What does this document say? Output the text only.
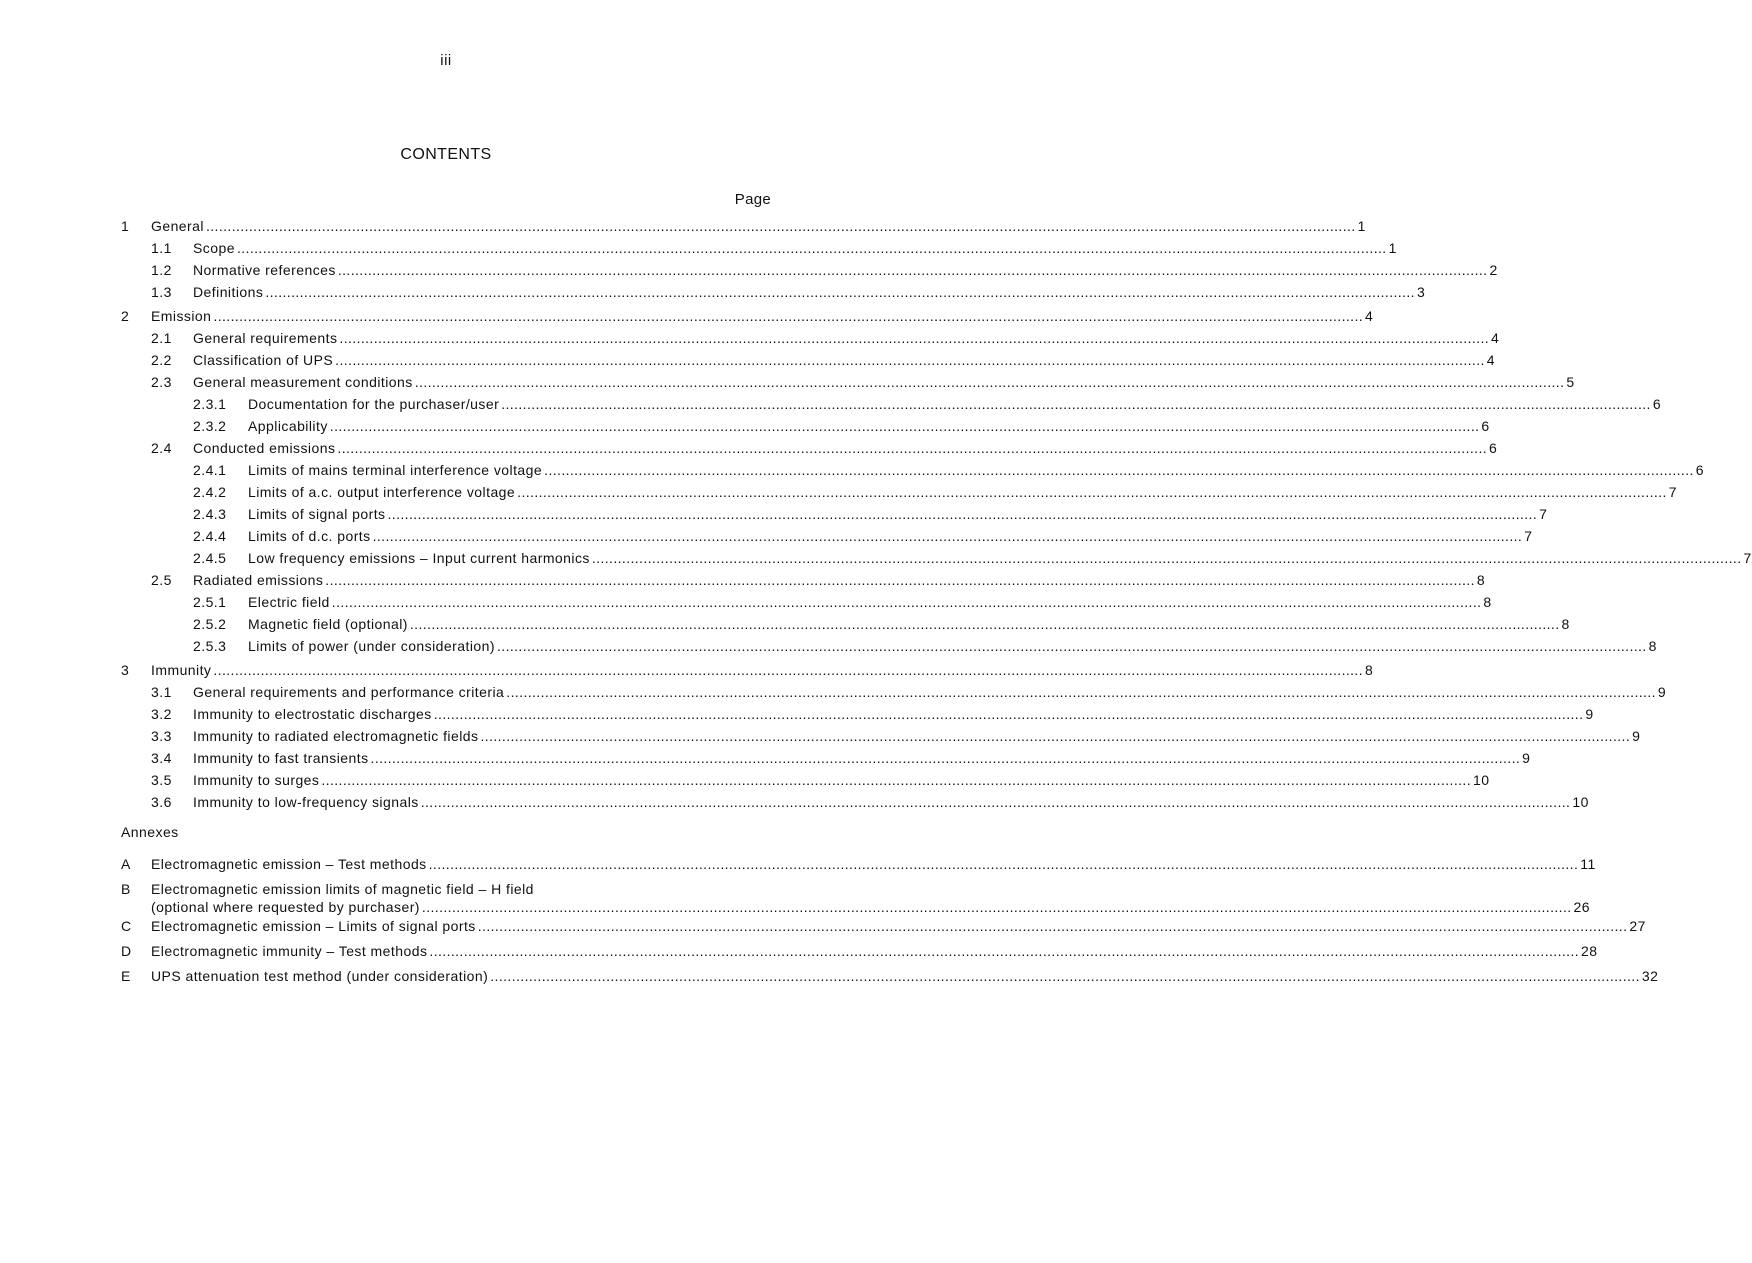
iii
CONTENTS
Page
1	General .....	1
1.1	Scope .....	1
1.2	Normative references .....	2
1.3	Definitions .....	3
2	Emission .....	4
2.1	General requirements .....	4
2.2	Classification of UPS .....	4
2.3	General measurement conditions .....	5
2.3.1	Documentation for the purchaser/user .....	6
2.3.2	Applicability .....	6
2.4	Conducted emissions .....	6
2.4.1	Limits of mains terminal interference voltage .....	6
2.4.2	Limits of a.c. output interference voltage .....	7
2.4.3	Limits of signal ports .....	7
2.4.4	Limits of d.c. ports .....	7
2.4.5	Low frequency emissions – Input current harmonics .....	7
2.5	Radiated emissions .....	8
2.5.1	Electric field .....	8
2.5.2	Magnetic field (optional) .....	8
2.5.3	Limits of power (under consideration) .....	8
3	Immunity .....	8
3.1	General requirements and performance criteria .....	9
3.2	Immunity to electrostatic discharges .....	9
3.3	Immunity to radiated electromagnetic fields .....	9
3.4	Immunity to fast transients .....	9
3.5	Immunity to surges .....	10
3.6	Immunity to low-frequency signals .....	10
Annexes
A	Electromagnetic emission – Test methods .....	11
B	Electromagnetic emission limits of magnetic field – H field
(optional where requested by purchaser) .....	26
C	Electromagnetic emission – Limits of signal ports .....	27
D	Electromagnetic immunity – Test methods .....	28
E	UPS attenuation test method (under consideration) .....	32
